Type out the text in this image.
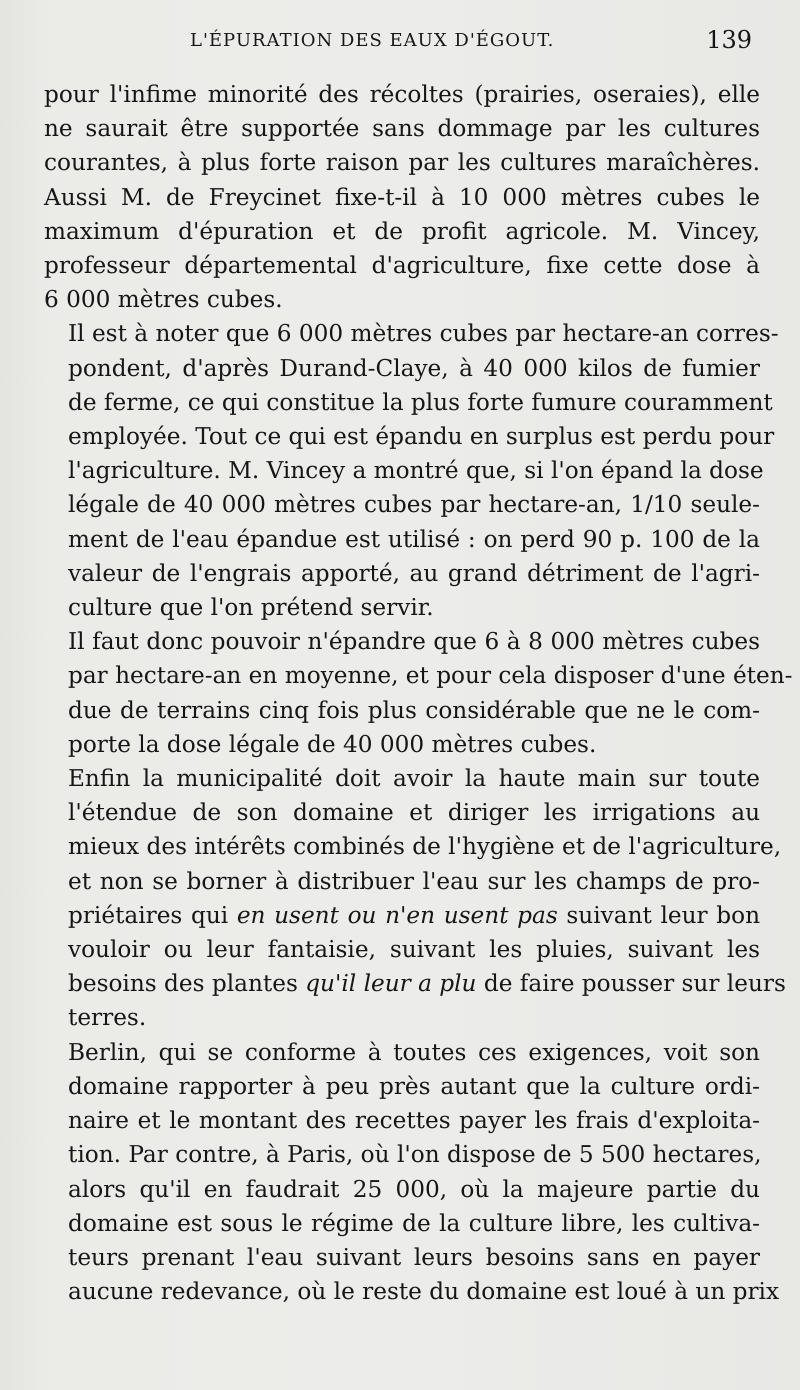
L'ÉPURATION DES EAUX D'ÉGOUT.	139

pour l'infime minorité des récoltes (prairies, oseraies), elle
ne saurait être supportée sans dommage par les cultures
courantes, à plus forte raison par les cultures maraîchères.
Aussi M. de Freycinet fixe-t-il à 10 000 mètres cubes le
maximum d'épuration et de profit agricole. M. Vincey,
professeur départemental d'agriculture, fixe cette dose à
6 000 mètres cubes.

Il est à noter que 6 000 mètres cubes par hectare-an corres-
pondent, d'après Durand-Claye, à 40 000 kilos de fumier
de ferme, ce qui constitue la plus forte fumure couramment
employée. Tout ce qui est épandu en surplus est perdu pour
l'agriculture. M. Vincey a montré que, si l'on épand la dose
légale de 40 000 mètres cubes par hectare-an, 1/10 seule-
ment de l'eau épandue est utilisé : on perd 90 p. 100 de la
valeur de l'engrais apporté, au grand détriment de l'agri-
culture que l'on prétend servir.

Il faut donc pouvoir n'épandre que 6 à 8 000 mètres cubes
par hectare-an en moyenne, et pour cela disposer d'une éten-
due de terrains cinq fois plus considérable que ne le com-
porte la dose légale de 40 000 mètres cubes.

Enfin la municipalité doit avoir la haute main sur toute
l'étendue de son domaine et diriger les irrigations au
mieux des intérêts combinés de l'hygiène et de l'agriculture,
et non se borner à distribuer l'eau sur les champs de pro-
priétaires qui en usent ou n'en usent pas suivant leur bon
vouloir ou leur fantaisie, suivant les pluies, suivant les
besoins des plantes qu'il leur a plu de faire pousser sur leurs
terres.

Berlin, qui se conforme à toutes ces exigences, voit son
domaine rapporter à peu près autant que la culture ordi-
naire et le montant des recettes payer les frais d'exploita-
tion. Par contre, à Paris, où l'on dispose de 5 500 hectares,
alors qu'il en faudrait 25 000, où la majeure partie du
domaine est sous le régime de la culture libre, les cultiva-
teurs prenant l'eau suivant leurs besoins sans en payer
aucune redevance, où le reste du domaine est loué à un prix
